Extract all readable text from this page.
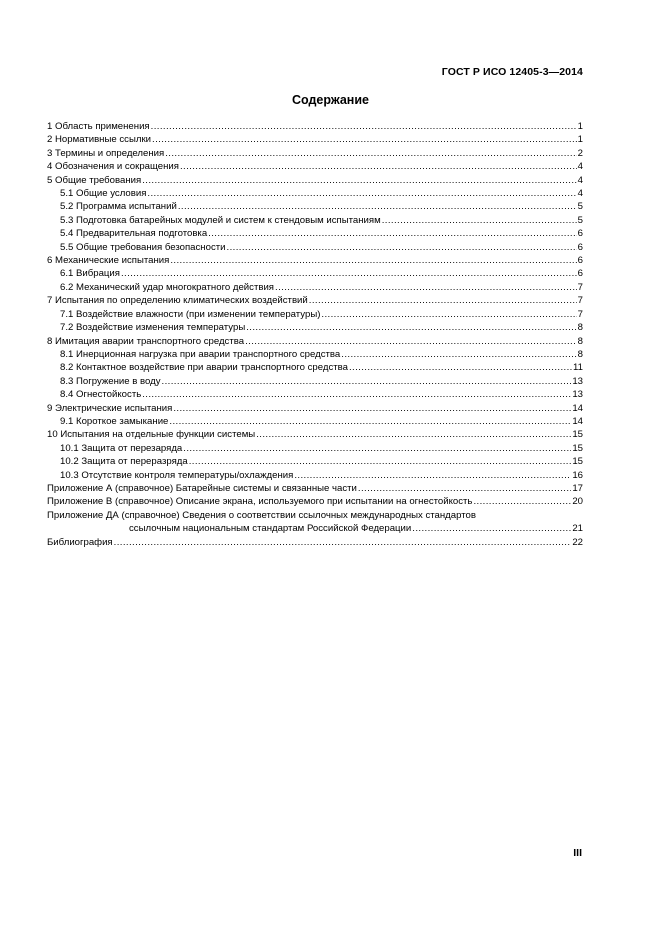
ГОСТ Р ИСО 12405-3—2014
Содержание
1 Область применения .....	1
2 Нормативные ссылки .....	1
3 Термины и определения .....	2
4 Обозначения и сокращения .....	4
5 Общие требования .....	4
5.1 Общие условия .....	4
5.2 Программа испытаний .....	5
5.3 Подготовка батарейных модулей и систем к стендовым испытаниям .....	5
5.4 Предварительная подготовка .....	6
5.5 Общие требования безопасности .....	6
6 Механические испытания .....	6
6.1 Вибрация .....	6
6.2 Механический удар многократного действия .....	7
7 Испытания по определению климатических воздействий .....	7
7.1 Воздействие влажности (при изменении температуры) .....	7
7.2 Воздействие изменения температуры .....	8
8 Имитация аварии транспортного средства .....	8
8.1 Инерционная нагрузка при аварии транспортного средства .....	8
8.2 Контактное воздействие при аварии транспортного средства .....	11
8.3 Погружение в воду .....	13
8.4 Огнестойкость .....	13
9 Электрические испытания .....	14
9.1 Короткое замыкание .....	14
10 Испытания на отдельные функции системы .....	15
10.1 Защита от перезаряда .....	15
10.2 Защита от переразряда .....	15
10.3 Отсутствие контроля температуры/охлаждения .....	16
Приложение А (справочное) Батарейные системы и связанные части .....	17
Приложение В (справочное) Описание экрана, используемого при испытании на огнестойкость .....	20
Приложение ДА (справочное) Сведения о соответствии ссылочных международных стандартов
ссылочным национальным стандартам Российской Федерации .....	21
Библиография .....	22
III
